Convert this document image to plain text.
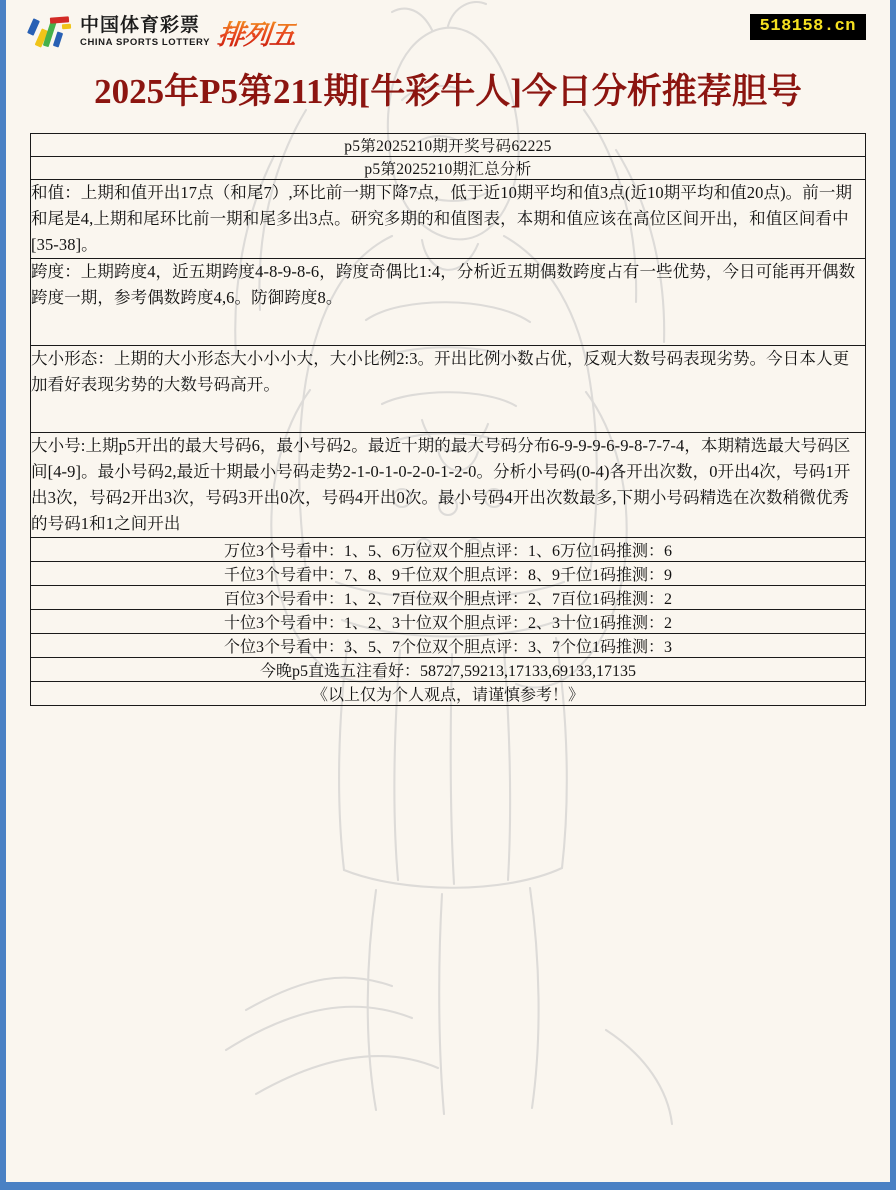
中国体育彩票
CHINA SPORTS LOTTERY 排列五	518158.cn
2025年P5第211期[牛彩牛人]今日分析推荐胆号
p5第2025210期开奖号码62225
p5第2025210期汇总分析
和值：上期和值开出17点（和尾7）,环比前一期下降7点，低于近10期平均和值3点(近10期平均和值20点)。前一期和尾是4,上期和尾环比前一期和尾多出3点。研究多期的和值图表，本期和值应该在高位区间开出，和值区间看中[35-38]。
跨度：上期跨度4，近五期跨度4-8-9-8-6，跨度奇偶比1:4，分析近五期偶数跨度占有一些优势，今日可能再开偶数跨度一期，参考偶数跨度4,6。防御跨度8。
大小形态：上期的大小形态大小小小大，大小比例2:3。开出比例小数占优，反观大数号码表现劣势。今日本人更加看好表现劣势的大数号码高开。
大小号:上期p5开出的最大号码6，最小号码2。最近十期的最大号码分布6-9-9-9-6-9-8-7-7-4，本期精选最大号码区间[4-9]。最小号码2,最近十期最小号码走势2-1-0-1-0-2-0-1-2-0。分析小号码(0-4)各开出次数，0开出4次，号码1开出3次，号码2开出3次，号码3开出0次，号码4开出0次。最小号码4开出次数最多,下期小号码精选在次数稍微优秀的号码1和1之间开出
万位3个号看中：1、5、6万位双个胆点评：1、6万位1码推测：6
千位3个号看中：7、8、9千位双个胆点评：8、9千位1码推测：9
百位3个号看中：1、2、7百位双个胆点评：2、7百位1码推测：2
十位3个号看中：1、2、3十位双个胆点评：2、3十位1码推测：2
个位3个号看中：3、5、7个位双个胆点评：3、7个位1码推测：3
今晚p5直选五注看好：58727,59213,17133,69133,17135
《以上仅为个人观点，请谨慎参考！》
